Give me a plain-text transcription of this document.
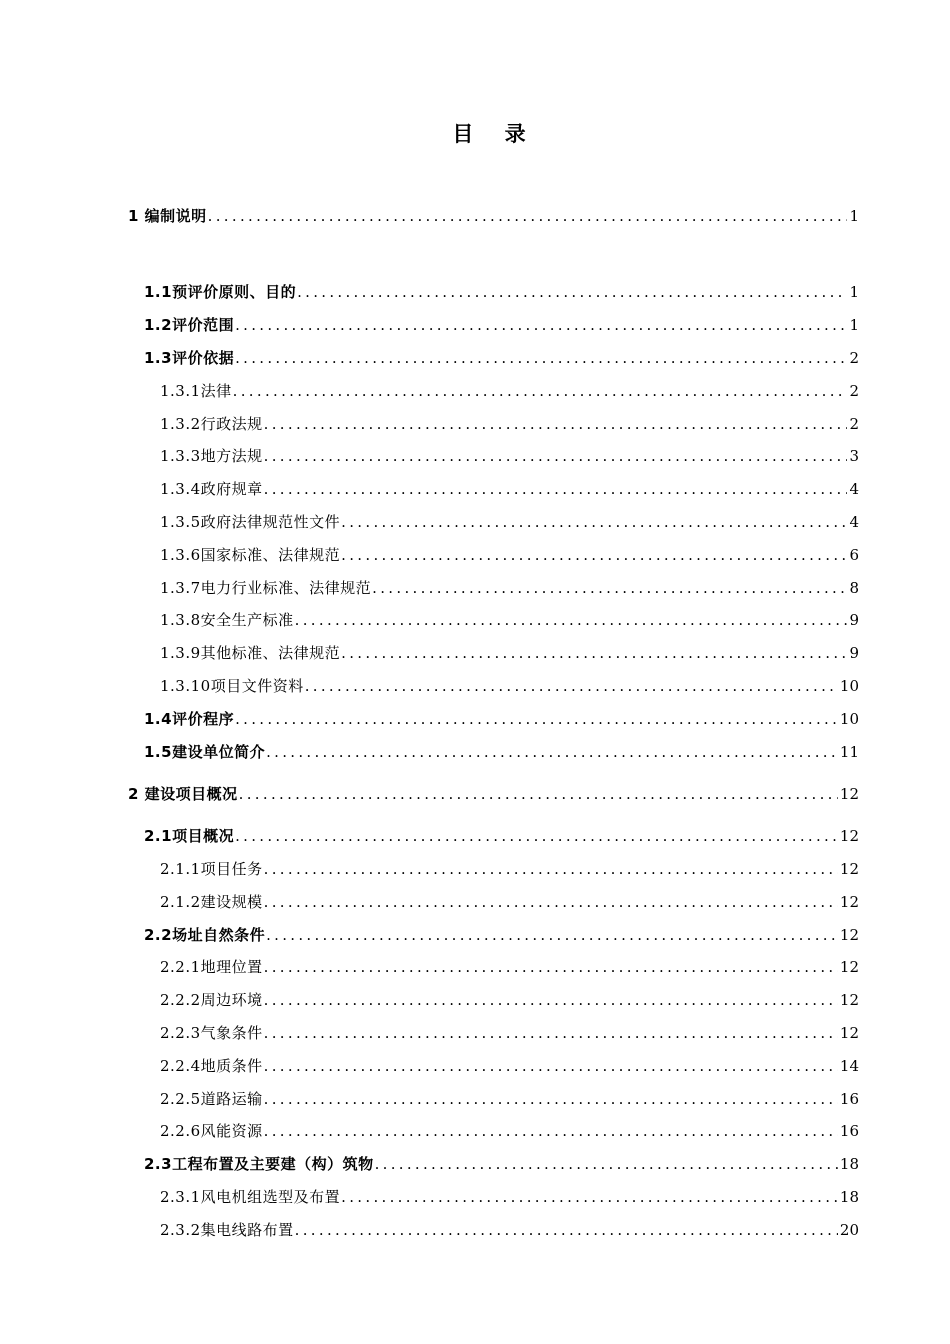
目 录
1 编制说明 .....	1
1.1预评价原则、目的 .....	1
1.2评价范围 .....	1
1.3评价依据 .....	2
1.3.1法律 .....	2
1.3.2行政法规 .....	2
1.3.3地方法规 .....	3
1.3.4政府规章 .....	4
1.3.5政府法律规范性文件 .....	4
1.3.6国家标准、法律规范 .....	6
1.3.7电力行业标准、法律规范 .....	8
1.3.8安全生产标准 .....	9
1.3.9其他标准、法律规范 .....	9
1.3.10项目文件资料 .....	10
1.4评价程序 .....	10
1.5建设单位简介 .....	11
2 建设项目概况 .....	12
2.1项目概况 .....	12
2.1.1项目任务 .....	12
2.1.2建设规模 .....	12
2.2场址自然条件 .....	12
2.2.1地理位置 .....	12
2.2.2周边环境 .....	12
2.2.3气象条件 .....	12
2.2.4地质条件 .....	14
2.2.5道路运输 .....	16
2.2.6风能资源 .....	16
2.3工程布置及主要建（构）筑物 .....	18
2.3.1风电机组选型及布置 .....	18
2.3.2集电线路布置 .....	20
